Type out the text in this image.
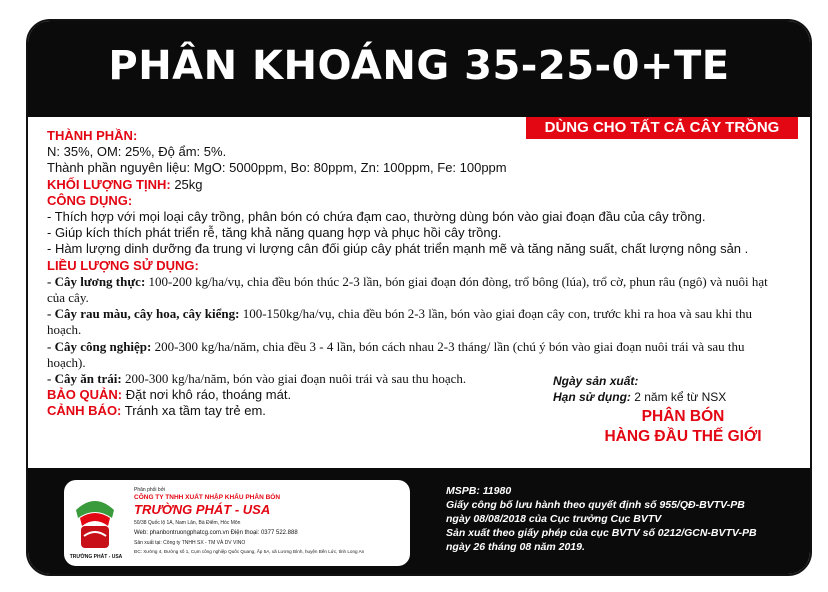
PHÂN KHOÁNG 35-25-0+TE
DÙNG CHO TẤT CẢ CÂY TRỒNG
THÀNH PHẦN:
N: 35%, OM: 25%, Độ ẩm: 5%.
Thành phần nguyên liệu: MgO: 5000ppm, Bo: 80ppm, Zn: 100ppm, Fe: 100ppm
KHỐI LƯỢNG TỊNH: 25kg
CÔNG DỤNG:
- Thích hợp với mọi loại cây trồng, phân bón có chứa đạm cao, thường dùng bón vào giai đoạn đầu của cây trồng.
- Giúp kích thích phát triển rễ, tăng khả năng quang hợp và phục hồi cây trồng.
- Hàm lượng dinh dưỡng đa trung vi lượng cân đối giúp cây phát triển mạnh mẽ và tăng năng suất, chất lượng nông sản .
LIỀU LƯỢNG SỬ DỤNG:
- Cây lương thực: 100-200 kg/ha/vụ, chia đều bón thúc 2-3 lần, bón giai đoạn đón đòng, trổ bông (lúa), trổ cờ, phun râu (ngô) và nuôi hạt của cây.
- Cây rau màu, cây hoa, cây kiểng: 100-150kg/ha/vụ, chia đều bón 2-3 lần, bón vào giai đoạn cây con, trước khi ra hoa và sau khi thu hoạch.
- Cây công nghiệp: 200-300 kg/ha/năm, chia đều 3 - 4 lần, bón cách nhau 2-3 tháng/ lần (chú ý bón vào giai đoạn nuôi trái và sau thu hoạch).
- Cây ăn trái: 200-300 kg/ha/năm, bón vào giai đoạn nuôi trái và sau thu hoạch.
BẢO QUẢN: Đặt nơi khô ráo, thoáng mát.
CẢNH BÁO: Tránh xa tầm tay trẻ em.
Ngày sản xuất:
Hạn sử dụng: 2 năm kể từ NSX
PHÂN BÓN
HÀNG ĐẦU THẾ GIỚI
TRƯỜNG PHÁT - USA
Phân phối bởi
CÔNG TY TNHH XUẤT NHẬP KHẨU PHÂN BÓN
TRƯỜNG PHÁT - USA
50/38 Quốc lộ 1A, Nam Lân, Bà Điểm, Hóc Môn
Web: phanbontruongphatcg.com.vn Điện thoại: 0377 522.888
Sản xuất tại: Công ty TNHH SX - TM VÀ DV VINO
ĐC: Xưởng 4, Đường số 1, Cụm công nghiệp Quốc Quang, Ấp 5A, xã Lương Bình, huyện Bến Lức, tỉnh Long An
MSPB: 11980
Giấy công bố lưu hành theo quyết định số 955/QĐ-BVTV-PB
ngày 08/08/2018 của Cục trưởng Cục BVTV
Sản xuất theo giấy phép của cục BVTV số 0212/GCN-BVTV-PB
ngày 26 tháng 08 năm 2019.
